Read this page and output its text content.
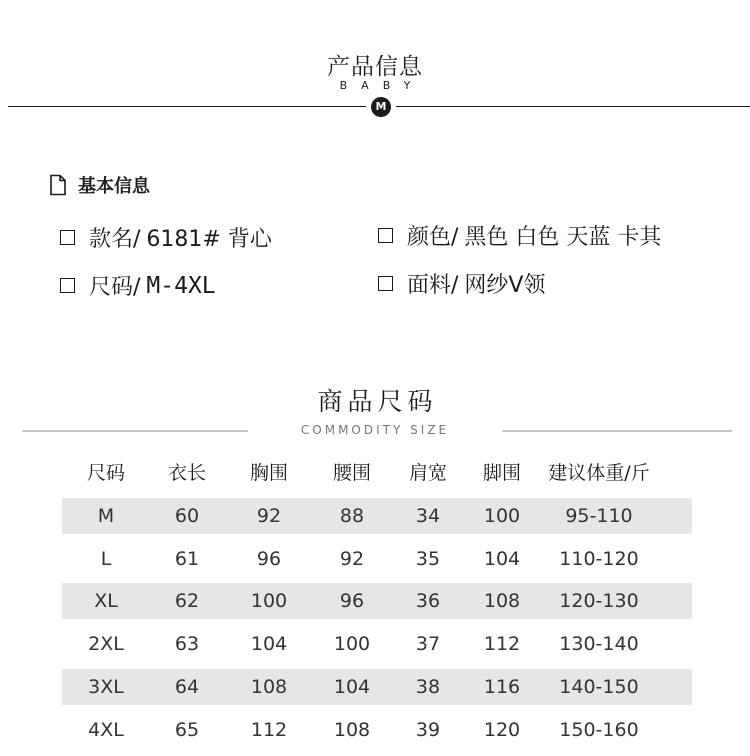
产品信息
BABY
M
基本信息
款名/ 6181# 背心	颜色/ 黑色 白色 天蓝 卡其
尺码/ M-4XL	面料/ 网纱V领
商品尺码
COMMODITY SIZE
尺码	衣长	胸围	腰围	肩宽	脚围	建议体重/斤
M	60	92	88	34	100	95-110
L	61	96	92	35	104	110-120
XL	62	100	96	36	108	120-130
2XL	63	104	100	37	112	130-140
3XL	64	108	104	38	116	140-150
4XL	65	112	108	39	120	150-160
